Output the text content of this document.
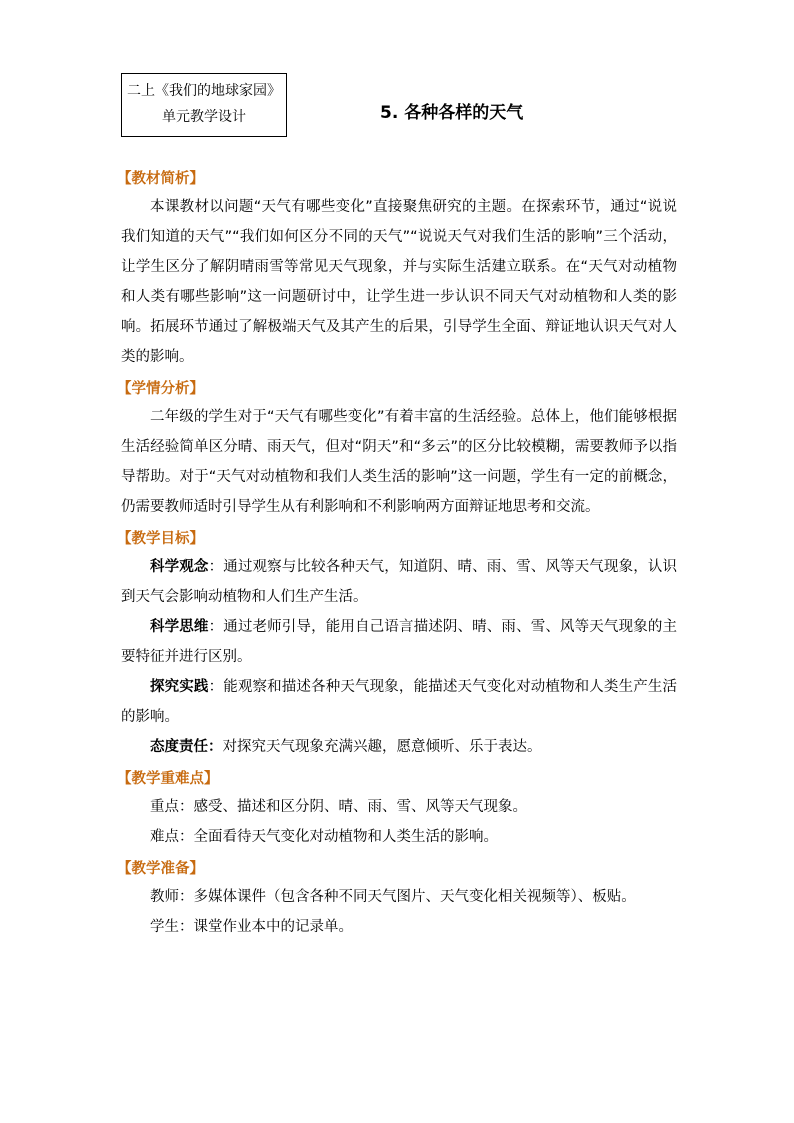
二上《我们的地球家园》
单元教学设计	5. 各种各样的天气
【教材简析】

本课教材以问题“天气有哪些变化”直接聚焦研究的主题。在探索环节，通过“说说我们知道的天气”“我们如何区分不同的天气”“说说天气对我们生活的影响”三个活动，让学生区分了解阴晴雨雪等常见天气现象，并与实际生活建立联系。在“天气对动植物和人类有哪些影响”这一问题研讨中，让学生进一步认识不同天气对动植物和人类的影响。拓展环节通过了解极端天气及其产生的后果，引导学生全面、辩证地认识天气对人类的影响。

【学情分析】

二年级的学生对于“天气有哪些变化”有着丰富的生活经验。总体上，他们能够根据生活经验简单区分晴、雨天气，但对“阴天”和“多云”的区分比较模糊，需要教师予以指导帮助。对于“天气对动植物和我们人类生活的影响”这一问题，学生有一定的前概念，仍需要教师适时引导学生从有利影响和不利影响两方面辩证地思考和交流。

【教学目标】

科学观念：通过观察与比较各种天气，知道阴、晴、雨、雪、风等天气现象，认识到天气会影响动植物和人们生产生活。

科学思维：通过老师引导，能用自己语言描述阴、晴、雨、雪、风等天气现象的主要特征并进行区别。

探究实践：能观察和描述各种天气现象，能描述天气变化对动植物和人类生产生活的影响。

态度责任：对探究天气现象充满兴趣，愿意倾听、乐于表达。

【教学重难点】

重点：感受、描述和区分阴、晴、雨、雪、风等天气现象。

难点：全面看待天气变化对动植物和人类生活的影响。

【教学准备】

教师：多媒体课件（包含各种不同天气图片、天气变化相关视频等）、板贴。

学生：课堂作业本中的记录单。
